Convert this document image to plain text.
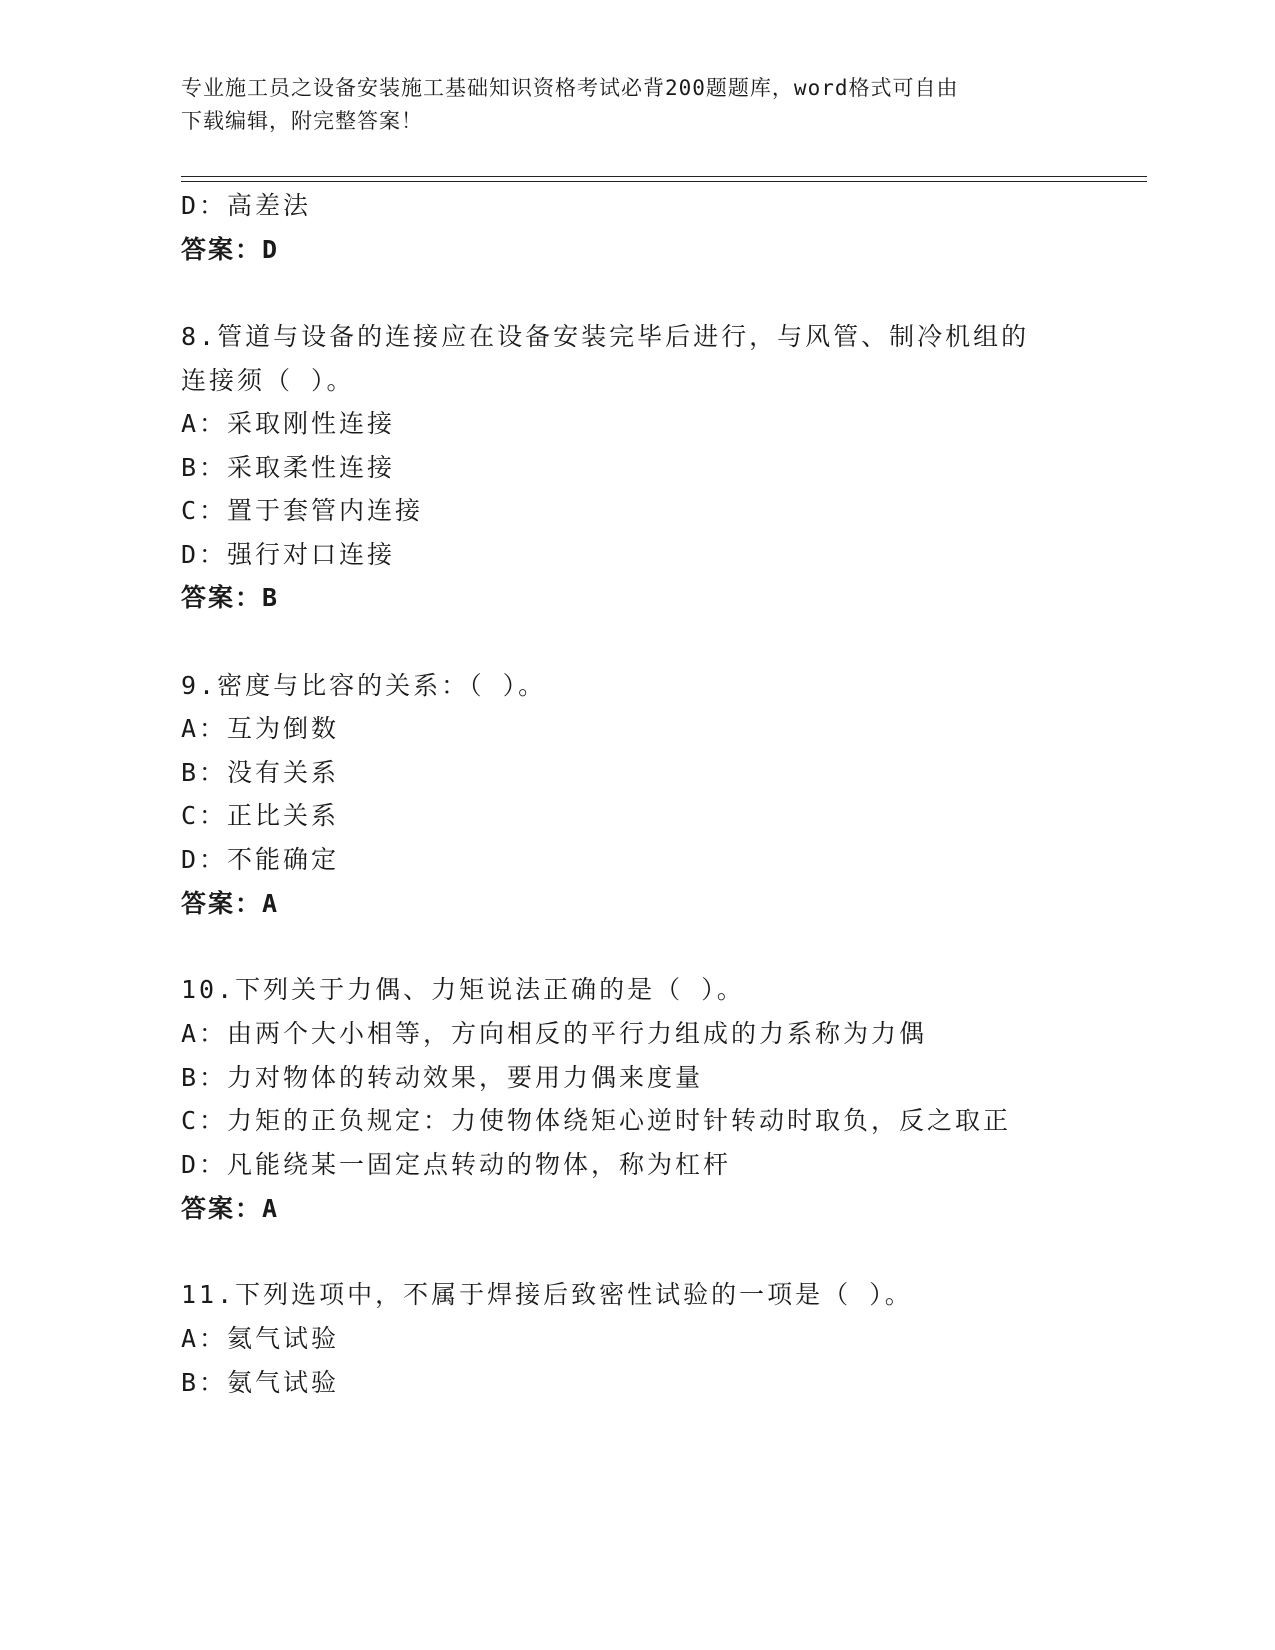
专业施工员之设备安装施工基础知识资格考试必背200题题库，word格式可自由
下载编辑，附完整答案！
D：高差法
答案：D
8.管道与设备的连接应在设备安装完毕后进行，与风管、制冷机组的
连接须（ ）。
A：采取刚性连接
B：采取柔性连接
C：置于套管内连接
D：强行对口连接
答案：B
9.密度与比容的关系：（ ）。
A：互为倒数
B：没有关系
C：正比关系
D：不能确定
答案：A
10.下列关于力偶、力矩说法正确的是（ ）。
A：由两个大小相等，方向相反的平行力组成的力系称为力偶
B：力对物体的转动效果，要用力偶来度量
C：力矩的正负规定：力使物体绕矩心逆时针转动时取负，反之取正
D：凡能绕某一固定点转动的物体，称为杠杆
答案：A
11.下列选项中，不属于焊接后致密性试验的一项是（ ）。
A：氦气试验
B：氨气试验
